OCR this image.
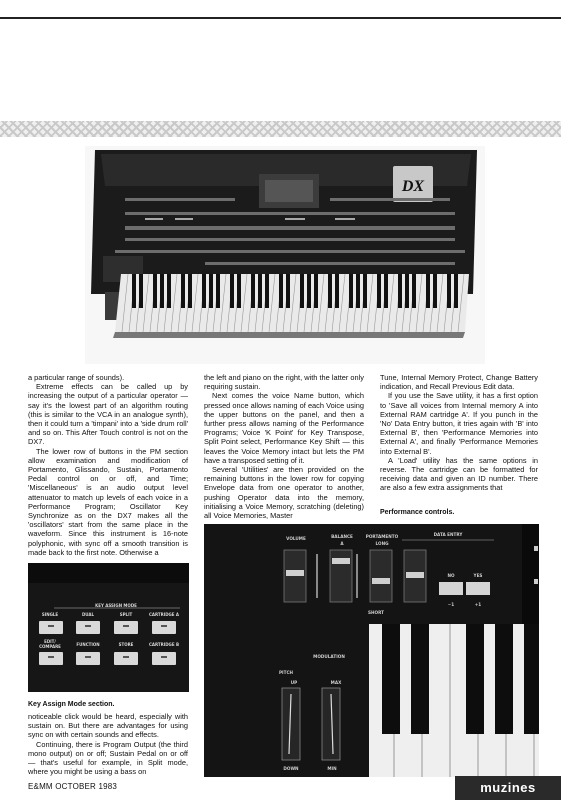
DX

a particular range of sounds).

Extreme effects can be called up by increasing the output of a particular operator — say it's the lowest part of an algorithm routing (this is similar to the VCA in an analogue synth), then it could turn a 'timpani' into a 'side drum roll' and so on. This After Touch control is not on the DX7.

The lower row of buttons in the PM section allow examination and modification of Portamento, Glissando, Sustain, Portamento Pedal control on or off, and Time; 'Miscellaneous' is an audio output level attenuator to match up levels of each voice in a Performance Program; Oscillator Key Synchronize as on the DX7 makes all the 'oscillators' start from the same place in the waveform. Since this instrument is 16-note polyphonic, with sync off a smooth transition is made back to the first note. Otherwise a

KEY ASSIGN MODE
SINGLE	DUAL	SPLIT	CARTRIDGE A
EDIT/
COMPARE	FUNCTION	STORE	CARTRIDGE B
Key Assign Mode section.

noticeable click would be heard, especially with sustain on. But there are advantages for using sync on with certain sounds and effects.

Continuing, there is Program Output (the third mono output) on or off; Sustain Pedal on or off — that's useful for example, in Split mode, where you might be using a bass on

the left and piano on the right, with the latter only requiring sustain.

Next comes the voice Name button, which pressed once allows naming of each Voice using the upper buttons on the panel, and then a further press allows naming of the Performance Programs; Voice 'K Point' for Key Transpose, Split Point select, Performance Key Shift — this leaves the Voice Memory intact but lets the PM have a transposed setting of it.

Several 'Utilities' are then provided on the remaining buttons in the lower row for copying Envelope data from one operator to another, pushing Operator data into the memory, initialising a Voice Memory, scratching (deleting) all Voice Memories, Master

Tune, Internal Memory Protect, Change Battery indication, and Recall Previous Edit data.

If you use the Save utility, it has a first option to 'Save all voices from Internal memory A into External RAM cartridge A'. If you punch in the 'No' Data Entry button, it tries again with 'B' into External B', then 'Performance Memories into External A', and finally 'Performance Memories into External B'.

A 'Load' utility has the same options in reverse. The cartridge can be formatted for receiving data and given an ID number. There are also a few extra assignments that

Performance controls.
VOLUME	BALANCE
A
PORTAMENTO
LONG
DATA ENTRY
SHORT
NO	YES
−1	+1
PITCH
MODULATION
UP	MAX
DOWN	MIN
E&MM OCTOBER 1983	muzines
